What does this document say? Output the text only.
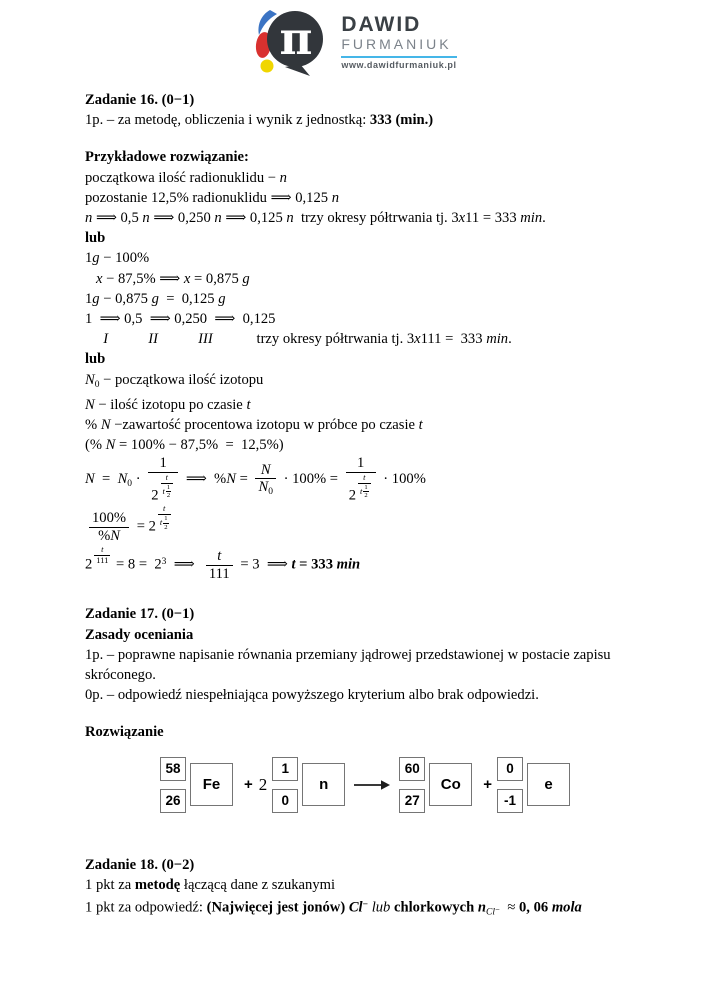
π DAWID
FURMANIUK
www.dawidfurmaniuk.pl

Zadanie 16. (0−1)

1p. – za metodę, obliczenia i wynik z jednostką: 333 (min.)

Przykładowe rozwiązanie:

początkowa ilość radionuklidu − n

pozostanie 12,5% radionuklidu ⟹ 0,125 n

n ⟹ 0,5 n ⟹ 0,250 n ⟹ 0,125 n  trzy okresy półtrwania tj. 3x11 = 333 min.

lub

1g − 100%

x − 87,5% ⟹ x = 0,875 g

1g − 0,875 g  =  0,125 g

1  ⟹ 0,5  ⟹ 0,250  ⟹  0,125

I	II	III            trzy okresy półtrwania tj. 3x111 =  333 min.

lub

$N_0$ − początkowa ilość izotopu

N − ilość izotopu po czasie t

% N −zawartość procentowa izotopu w próbce po czasie t

(% N = 100% − 87,5%  =  12,5%)

$N = N_0 \cdot \frac{1}{2 \frac{t}{t \frac{1}{2}}}$ ⟹  $\%N = \frac{N}{N_0} \cdot 100\% = \frac{1}{2 \frac{t}{t \frac{1}{2}}} \cdot 100\%$

$\frac{100\%}{\%N} = 2 \frac{t}{t \frac{1}{2}}$

$2 \frac{t}{111} = 8 = 2^3$  ⟹ $\frac{t}{111} = 3$  ⟹ t = 333 min

Zadanie 17. (0−1)

Zasady oceniania

1p. – poprawne napisanie równania przemiany jądrowej przedstawionej w postacie zapisu skróconego.

0p. – odpowiedź niespełniająca powyższego kryterium albo brak odpowiedzi.

Rozwiązanie

58
26
Fe	+ 2
1
0
n
60
27
Co	+
0
-1
e

Zadanie 18. (0−2)

1 pkt za metodę łączącą dane z szukanymi

1 pkt za odpowiedź: (Najwięcej jest jonów) Cl− lub chlorkowych $n_{Cl^-} \approx 0$, 06 mola
